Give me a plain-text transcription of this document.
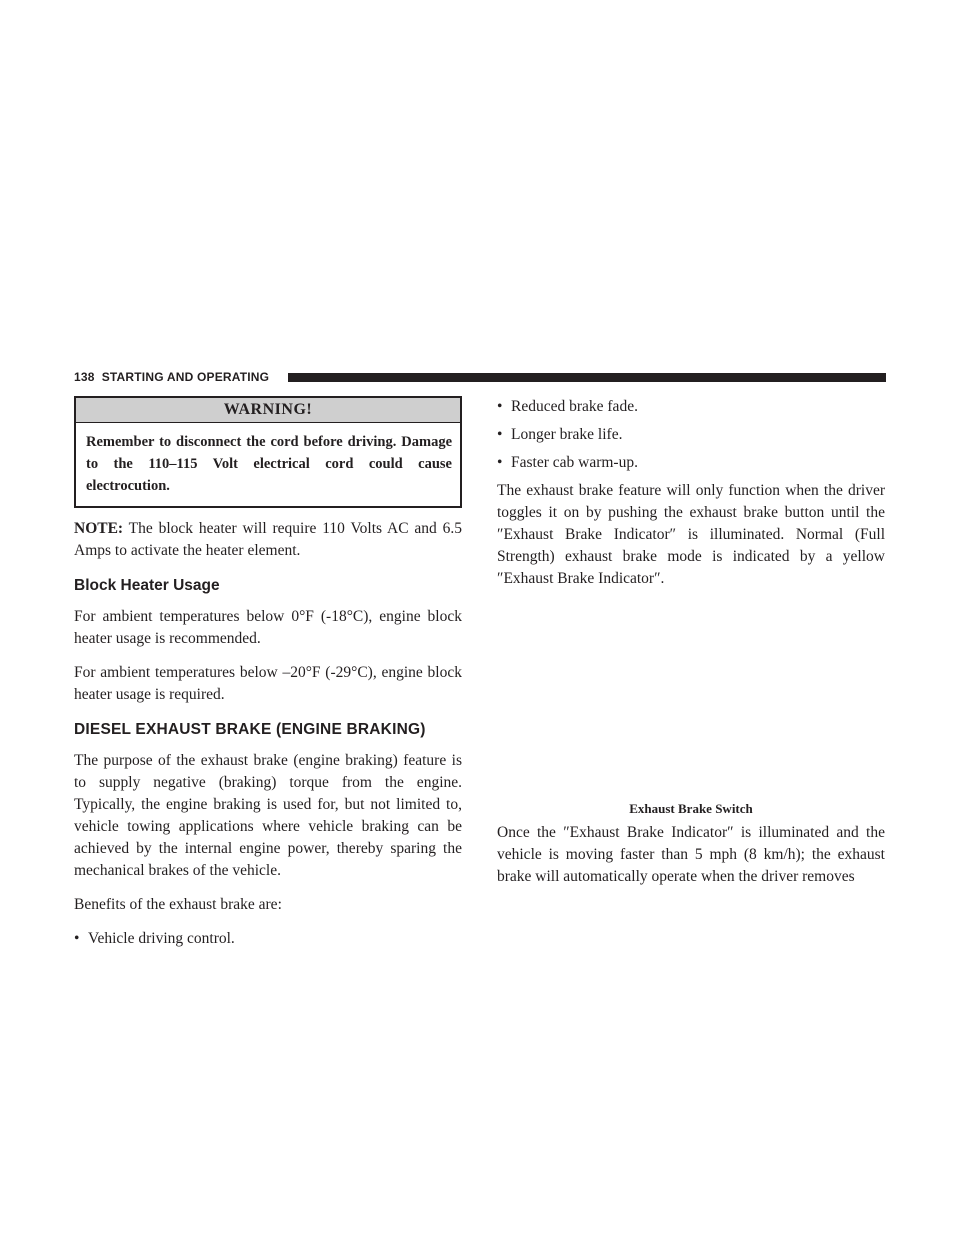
138 STARTING AND OPERATING
WARNING!
Remember to disconnect the cord before driving. Damage to the 110–115 Volt electrical cord could cause electrocution.

NOTE: The block heater will require 110 Volts AC and 6.5 Amps to activate the heater element.

Block Heater Usage

For ambient temperatures below 0°F (-18°C), engine block heater usage is recommended.

For ambient temperatures below –20°F (-29°C), engine block heater usage is required.

DIESEL EXHAUST BRAKE (ENGINE BRAKING)

The purpose of the exhaust brake (engine braking) feature is to supply negative (braking) torque from the engine. Typically, the engine braking is used for, but not limited to, vehicle towing applications where vehicle braking can be achieved by the internal engine power, thereby sparing the mechanical brakes of the vehicle.

Benefits of the exhaust brake are:

• Vehicle driving control.
• Reduced brake fade.
• Longer brake life.
• Faster cab warm-up.

The exhaust brake feature will only function when the driver toggles it on by pushing the exhaust brake button until the ″Exhaust Brake Indicator″ is illuminated. Normal (Full Strength) exhaust brake mode is indicated by a yellow ″Exhaust Brake Indicator″.

Exhaust Brake Switch

Once the ″Exhaust Brake Indicator″ is illuminated and the vehicle is moving faster than 5 mph (8 km/h); the exhaust brake will automatically operate when the driver removes
